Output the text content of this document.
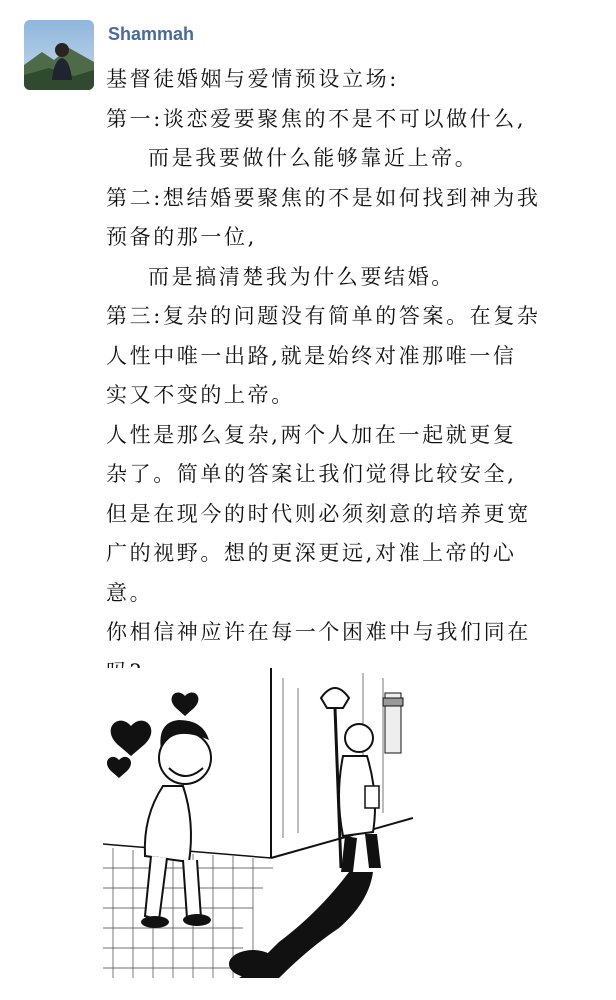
Shammah

基督徒婚姻与爱情预设立场:

第一:谈恋爱要聚焦的不是不可以做什么,

而是我要做什么能够靠近上帝。

第二:想结婚要聚焦的不是如何找到神为我

预备的那一位,

而是搞清楚我为什么要结婚。

第三:复杂的问题没有简单的答案。在复杂

人性中唯一出路,就是始终对准那唯一信

实又不变的上帝。

人性是那么复杂,两个人加在一起就更复

杂了。简单的答案让我们觉得比较安全,

但是在现今的时代则必须刻意的培养更宽

广的视野。想的更深更远,对准上帝的心

意。

你相信神应许在每一个困难中与我们同在
